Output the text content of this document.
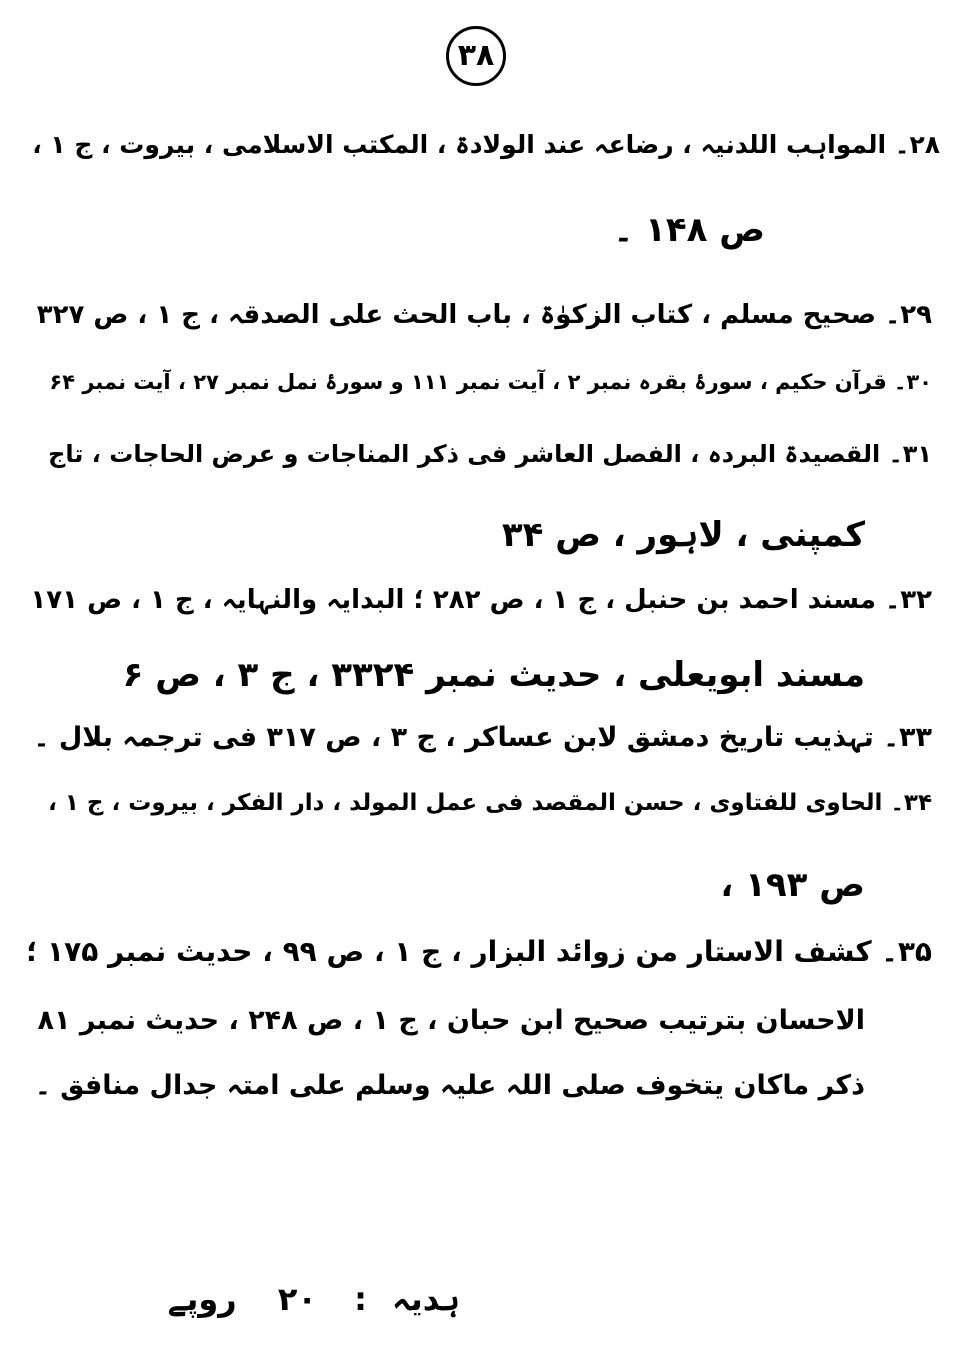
۳۸
۲۸۔ المواہب اللدنیہ ، رضاعہ عند الولادۃ ، المکتب الاسلامی ، بیروت ، ج ۱ ،
ص ۱۴۸ ۔
۲۹۔ صحیح مسلم ، کتاب الزکوٰۃ ، باب الحث علی الصدقہ ، ج ۱ ، ص ۳۲۷
۳۰۔ قرآن حکیم ، سورۂ بقرہ نمبر ۲ ، آیت نمبر ۱۱۱ و سورۂ نمل نمبر ۲۷ ، آیت نمبر ۶۴
۳۱۔ القصیدۃ البردہ ، الفصل العاشر فی ذکر المناجات و عرض الحاجات ، تاج
کمپنی ، لاہور ، ص ۳۴
۳۲۔ مسند احمد بن حنبل ، ج ۱ ، ص ۲۸۲ ؛ البدایہ والنہایہ ، ج ۱ ، ص ۱۷۱
مسند ابویعلی ، حدیث نمبر ۳۳۲۴ ، ج ۳ ، ص ۶
۳۳۔ تہذیب تاریخ دمشق لابن عساکر ، ج ۳ ، ص ۳۱۷ فی ترجمہ بلال ۔
۳۴۔ الحاوی للفتاوی ، حسن المقصد فی عمل المولد ، دار الفکر ، بیروت ، ج ۱ ،
ص ۱۹۳ ،
۳۵۔ کشف الاستار من زوائد البزار ، ج ۱ ، ص ۹۹ ، حدیث نمبر ۱۷۵ ؛
الاحسان بترتیب صحیح ابن حبان ، ج ۱ ، ص ۲۴۸ ، حدیث نمبر ۸۱
ذکر ماکان یتخوف صلی اللہ علیہ وسلم علی امتہ جدال منافق ۔
ہدیہ : ۲۰ روپے
